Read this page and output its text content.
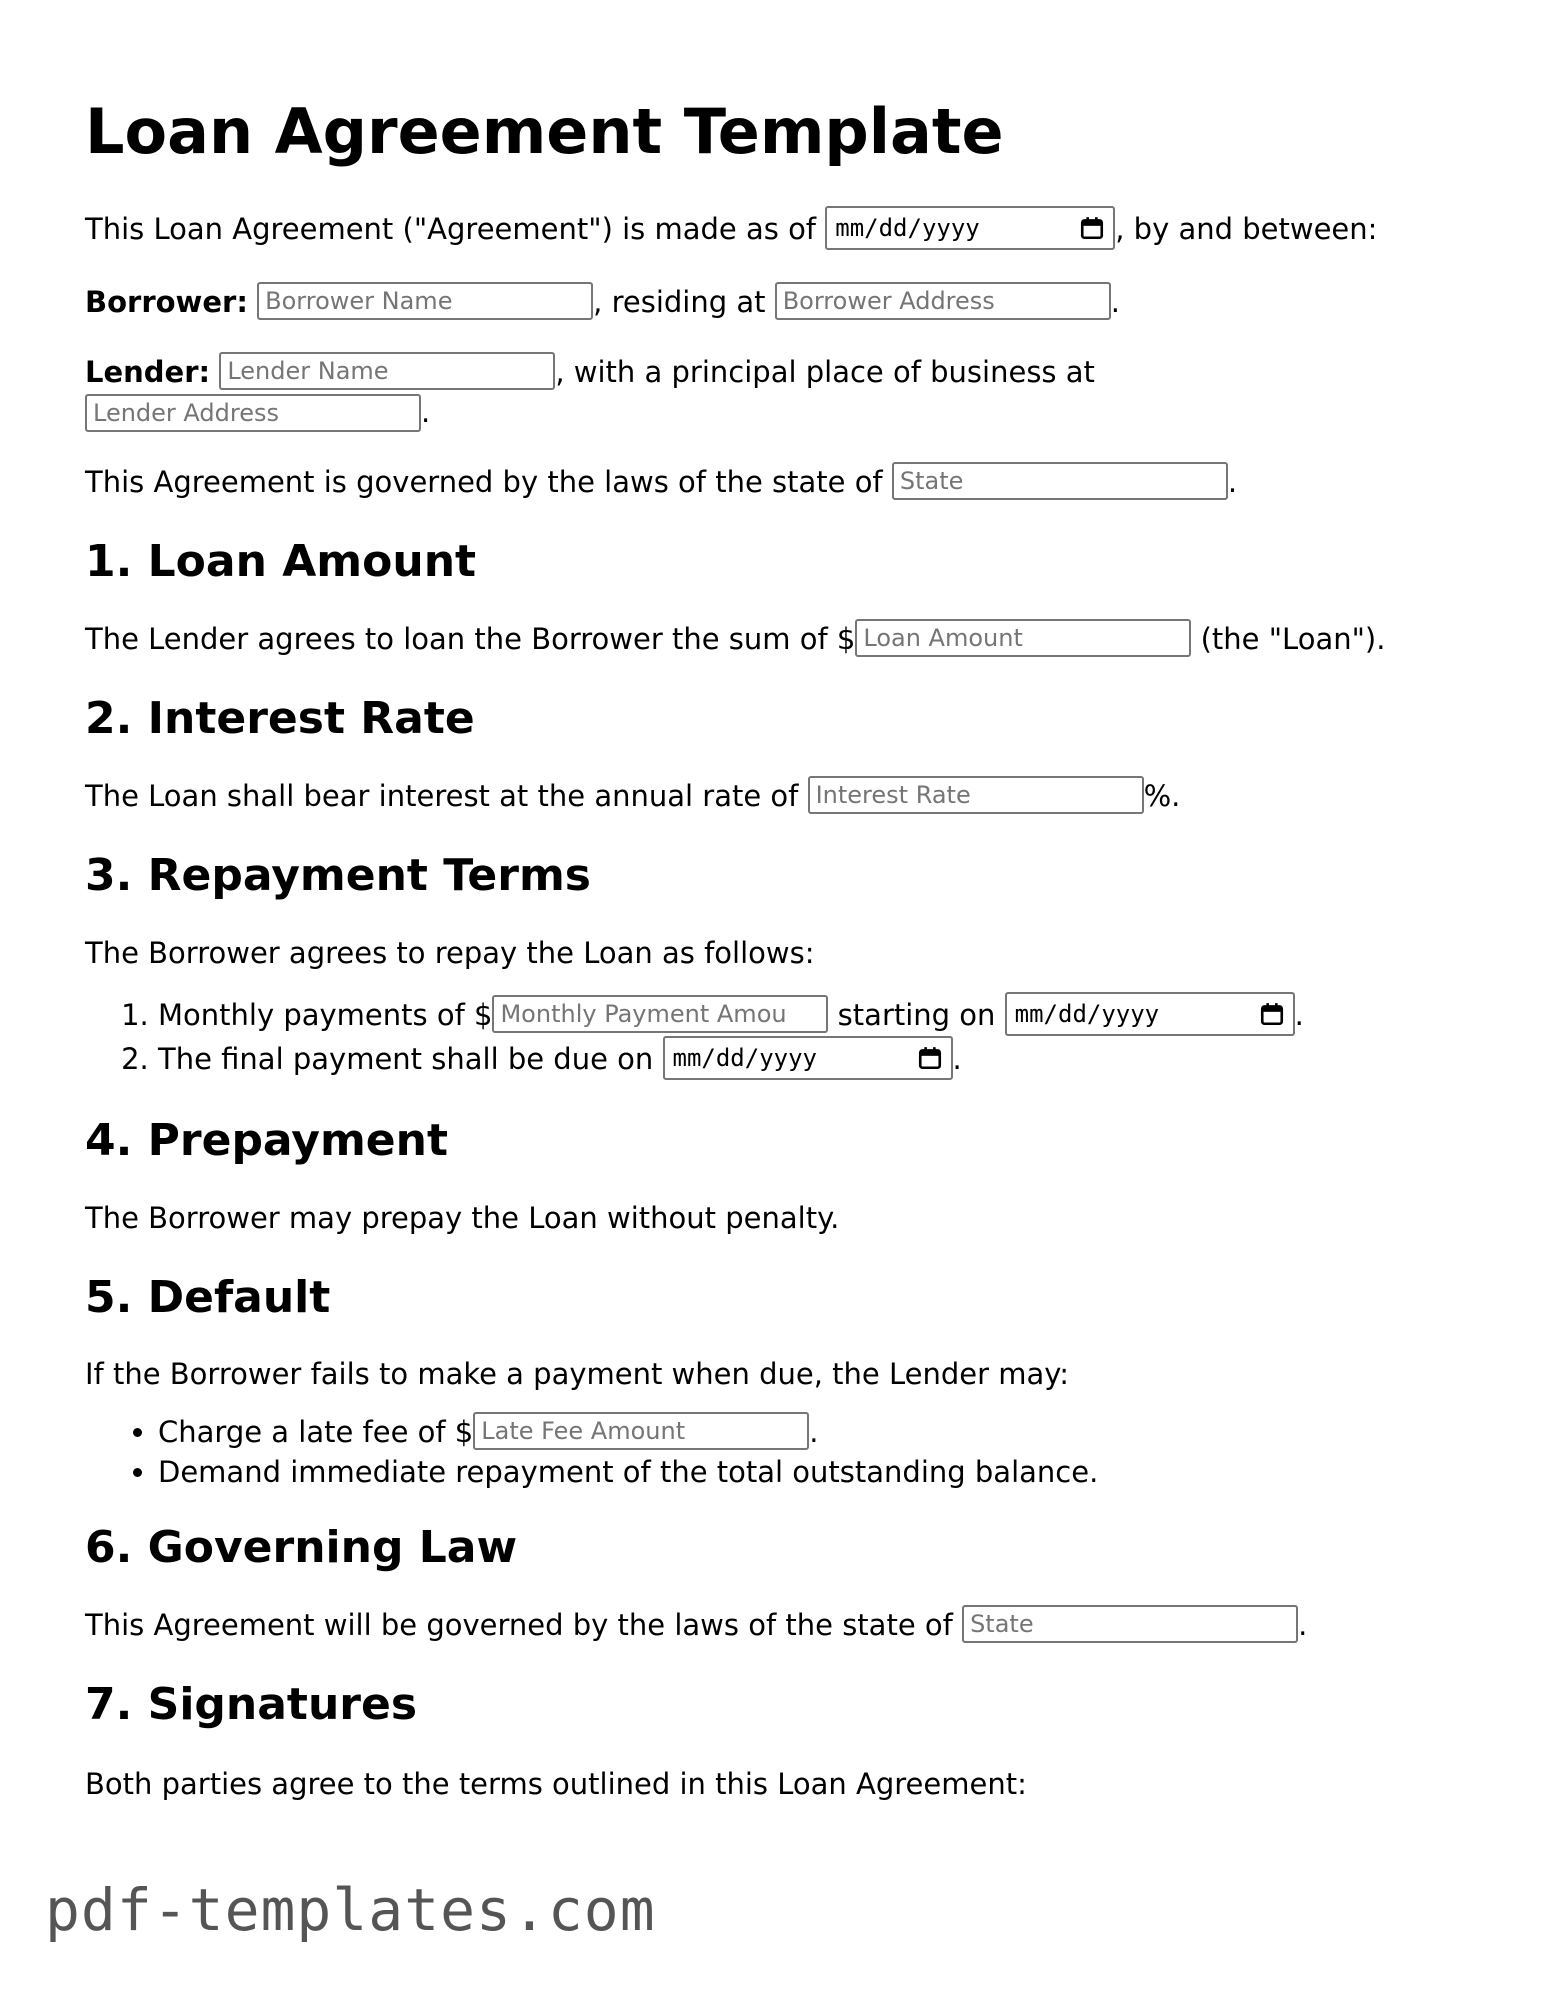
Loan Agreement Template

This Loan Agreement ("Agreement") is made as of mm/dd/yyyy	, by and between:

Borrower: Borrower Name	, residing at Borrower Address	.

Lender: Lender Name	, with a principal place of business at
Lender Address.

This Agreement is governed by the laws of the state of State	.

1. Loan Amount

The Lender agrees to loan the Borrower the sum of $Loan Amount	(the "Loan").

2. Interest Rate

The Loan shall bear interest at the annual rate of Interest Rate	%.

3. Repayment Terms

The Borrower agrees to repay the Loan as follows:

1. Monthly payments of $Monthly Payment Amou	starting on mm/dd/yyyy	.
2. The final payment shall be due on mm/dd/yyyy	.
4. Prepayment

The Borrower may prepay the Loan without penalty.

5. Default

If the Borrower fails to make a payment when due, the Lender may:

• Charge a late fee of $Late Fee Amount	.
• Demand immediate repayment of the total outstanding balance.
6. Governing Law

This Agreement will be governed by the laws of the state of State	.

7. Signatures

Both parties agree to the terms outlined in this Loan Agreement:

pdf-templates.com
